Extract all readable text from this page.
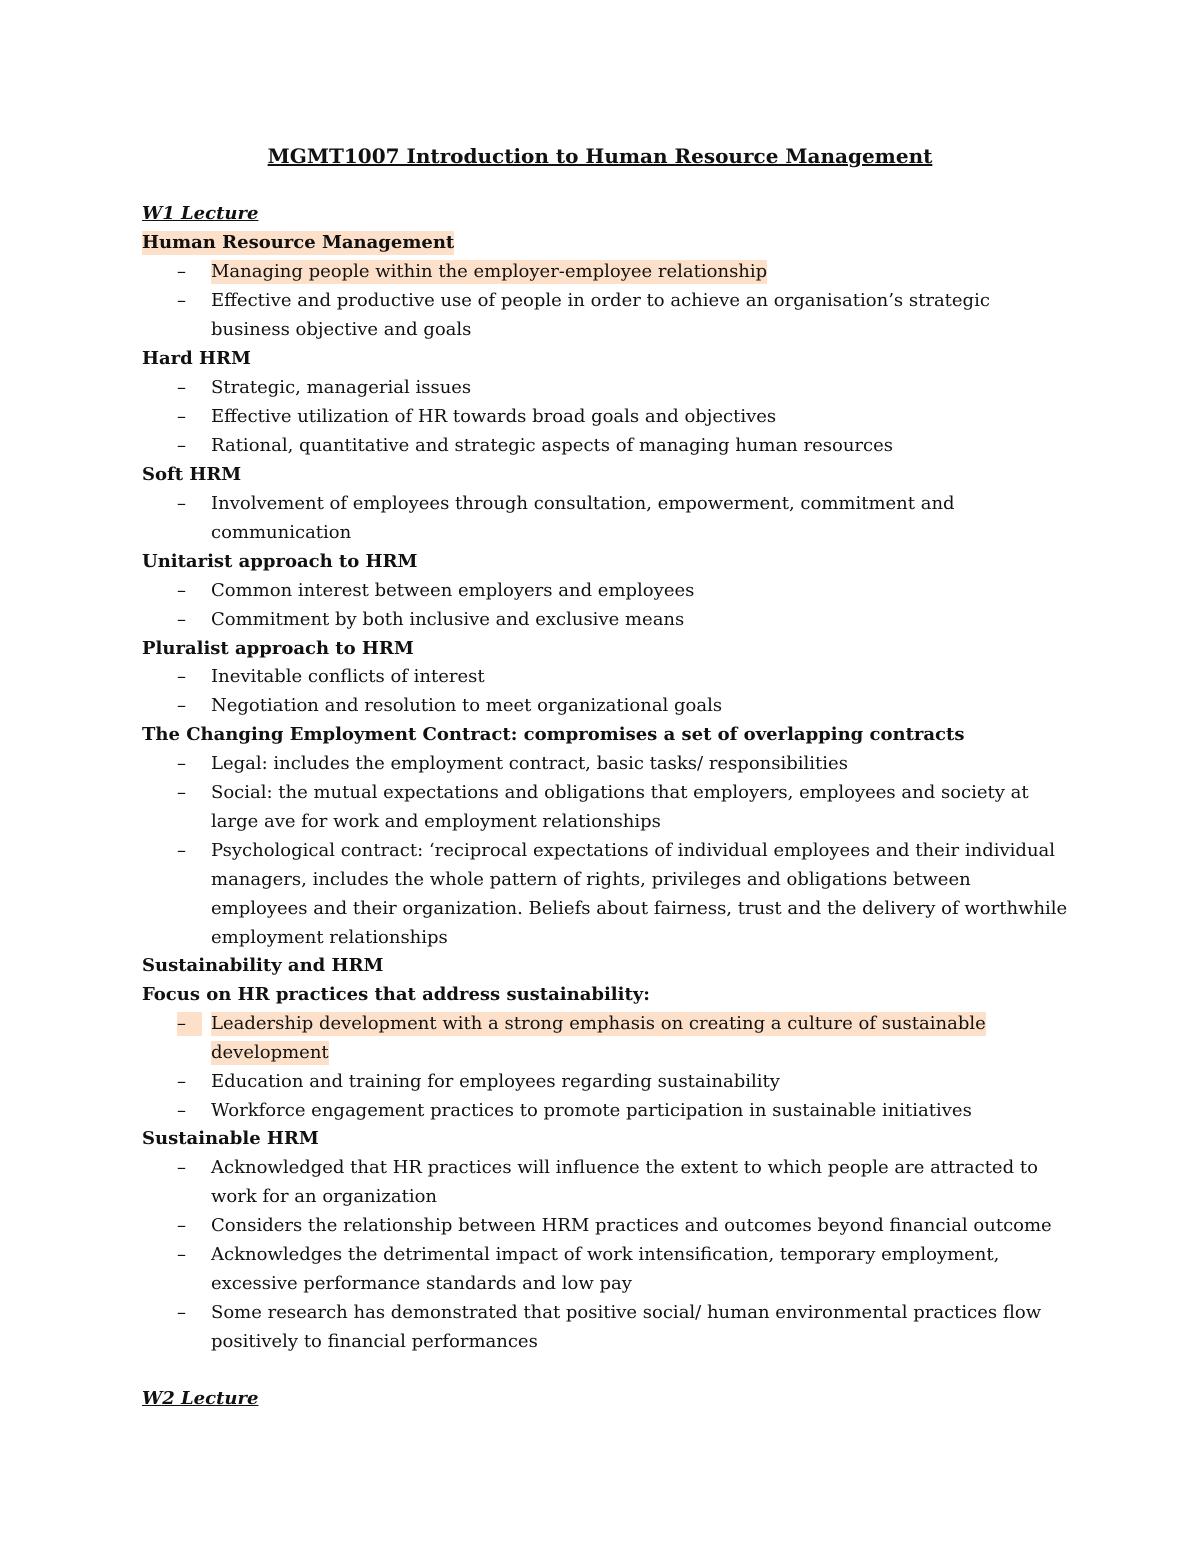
MGMT1007 Introduction to Human Resource Management
W1 Lecture
Human Resource Management
– Managing people within the employer-employee relationship
– Effective and productive use of people in order to achieve an organisation’s strategic
business objective and goals
Hard HRM
– Strategic, managerial issues
– Effective utilization of HR towards broad goals and objectives
– Rational, quantitative and strategic aspects of managing human resources
Soft HRM
– Involvement of employees through consultation, empowerment, commitment and
communication
Unitarist approach to HRM
– Common interest between employers and employees
– Commitment by both inclusive and exclusive means
Pluralist approach to HRM
– Inevitable conflicts of interest
– Negotiation and resolution to meet organizational goals
The Changing Employment Contract: compromises a set of overlapping contracts
– Legal: includes the employment contract, basic tasks/ responsibilities
– Social: the mutual expectations and obligations that employers, employees and society at
large ave for work and employment relationships
– Psychological contract: ‘reciprocal expectations of individual employees and their individual
managers, includes the whole pattern of rights, privileges and obligations between
employees and their organization. Beliefs about fairness, trust and the delivery of worthwhile
employment relationships
Sustainability and HRM
Focus on HR practices that address sustainability:
–	Leadership development with a strong emphasis on creating a culture of sustainable
development
– Education and training for employees regarding sustainability
– Workforce engagement practices to promote participation in sustainable initiatives
Sustainable HRM
– Acknowledged that HR practices will influence the extent to which people are attracted to
work for an organization
– Considers the relationship between HRM practices and outcomes beyond financial outcome
– Acknowledges the detrimental impact of work intensification, temporary employment,
excessive performance standards and low pay
– Some research has demonstrated that positive social/ human environmental practices flow
positively to financial performances
W2 Lecture
